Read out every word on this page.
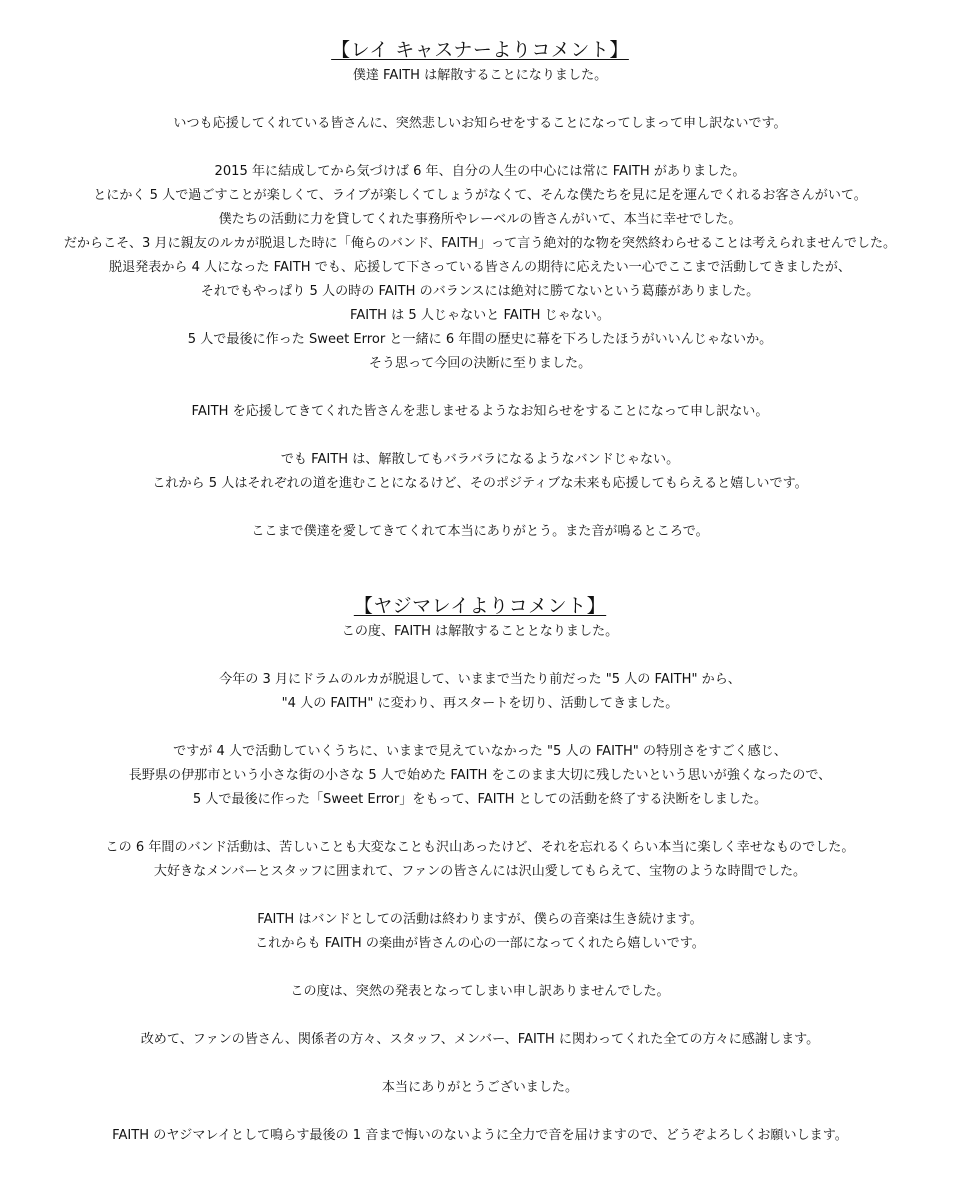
【レイ キャスナーよりコメント】

僕達 FAITH は解散することになりました。

いつも応援してくれている皆さんに、突然悲しいお知らせをすることになってしまって申し訳ないです。

2015 年に結成してから気づけば 6 年、自分の人生の中心には常に FAITH がありました。

とにかく 5 人で過ごすことが楽しくて、ライブが楽しくてしょうがなくて、そんな僕たちを見に足を運んでくれるお客さんがいて。

僕たちの活動に力を貸してくれた事務所やレーベルの皆さんがいて、本当に幸せでした。

だからこそ、3 月に親友のルカが脱退した時に「俺らのバンド、FAITH」って言う絶対的な物を突然終わらせることは考えられませんでした。

脱退発表から 4 人になった FAITH でも、応援して下さっている皆さんの期待に応えたい一心でここまで活動してきましたが、

それでもやっぱり 5 人の時の FAITH のバランスには絶対に勝てないという葛藤がありました。

FAITH は 5 人じゃないと FAITH じゃない。

5 人で最後に作った Sweet Error と一緒に 6 年間の歴史に幕を下ろしたほうがいいんじゃないか。

そう思って今回の決断に至りました。

FAITH を応援してきてくれた皆さんを悲しませるようなお知らせをすることになって申し訳ない。

でも FAITH は、解散してもバラバラになるようなバンドじゃない。

これから 5 人はそれぞれの道を進むことになるけど、そのポジティブな未来も応援してもらえると嬉しいです。

ここまで僕達を愛してきてくれて本当にありがとう。また音が鳴るところで。

【ヤジマレイよりコメント】

この度、FAITH は解散することとなりました。

今年の 3 月にドラムのルカが脱退して、いままで当たり前だった "5 人の FAITH" から、

"4 人の FAITH" に変わり、再スタートを切り、活動してきました。

ですが 4 人で活動していくうちに、いままで見えていなかった "5 人の FAITH" の特別さをすごく感じ、

長野県の伊那市という小さな街の小さな 5 人で始めた FAITH をこのまま大切に残したいという思いが強くなったので、

5 人で最後に作った「Sweet Error」をもって、FAITH としての活動を終了する決断をしました。

この 6 年間のバンド活動は、苦しいことも大変なことも沢山あったけど、それを忘れるくらい本当に楽しく幸せなものでした。

大好きなメンバーとスタッフに囲まれて、ファンの皆さんには沢山愛してもらえて、宝物のような時間でした。

FAITH はバンドとしての活動は終わりますが、僕らの音楽は生き続けます。

これからも FAITH の楽曲が皆さんの心の一部になってくれたら嬉しいです。

この度は、突然の発表となってしまい申し訳ありませんでした。

改めて、ファンの皆さん、関係者の方々、スタッフ、メンバー、FAITH に関わってくれた全ての方々に感謝します。

本当にありがとうございました。

FAITH のヤジマレイとして鳴らす最後の 1 音まで悔いのないように全力で音を届けますので、どうぞよろしくお願いします。
